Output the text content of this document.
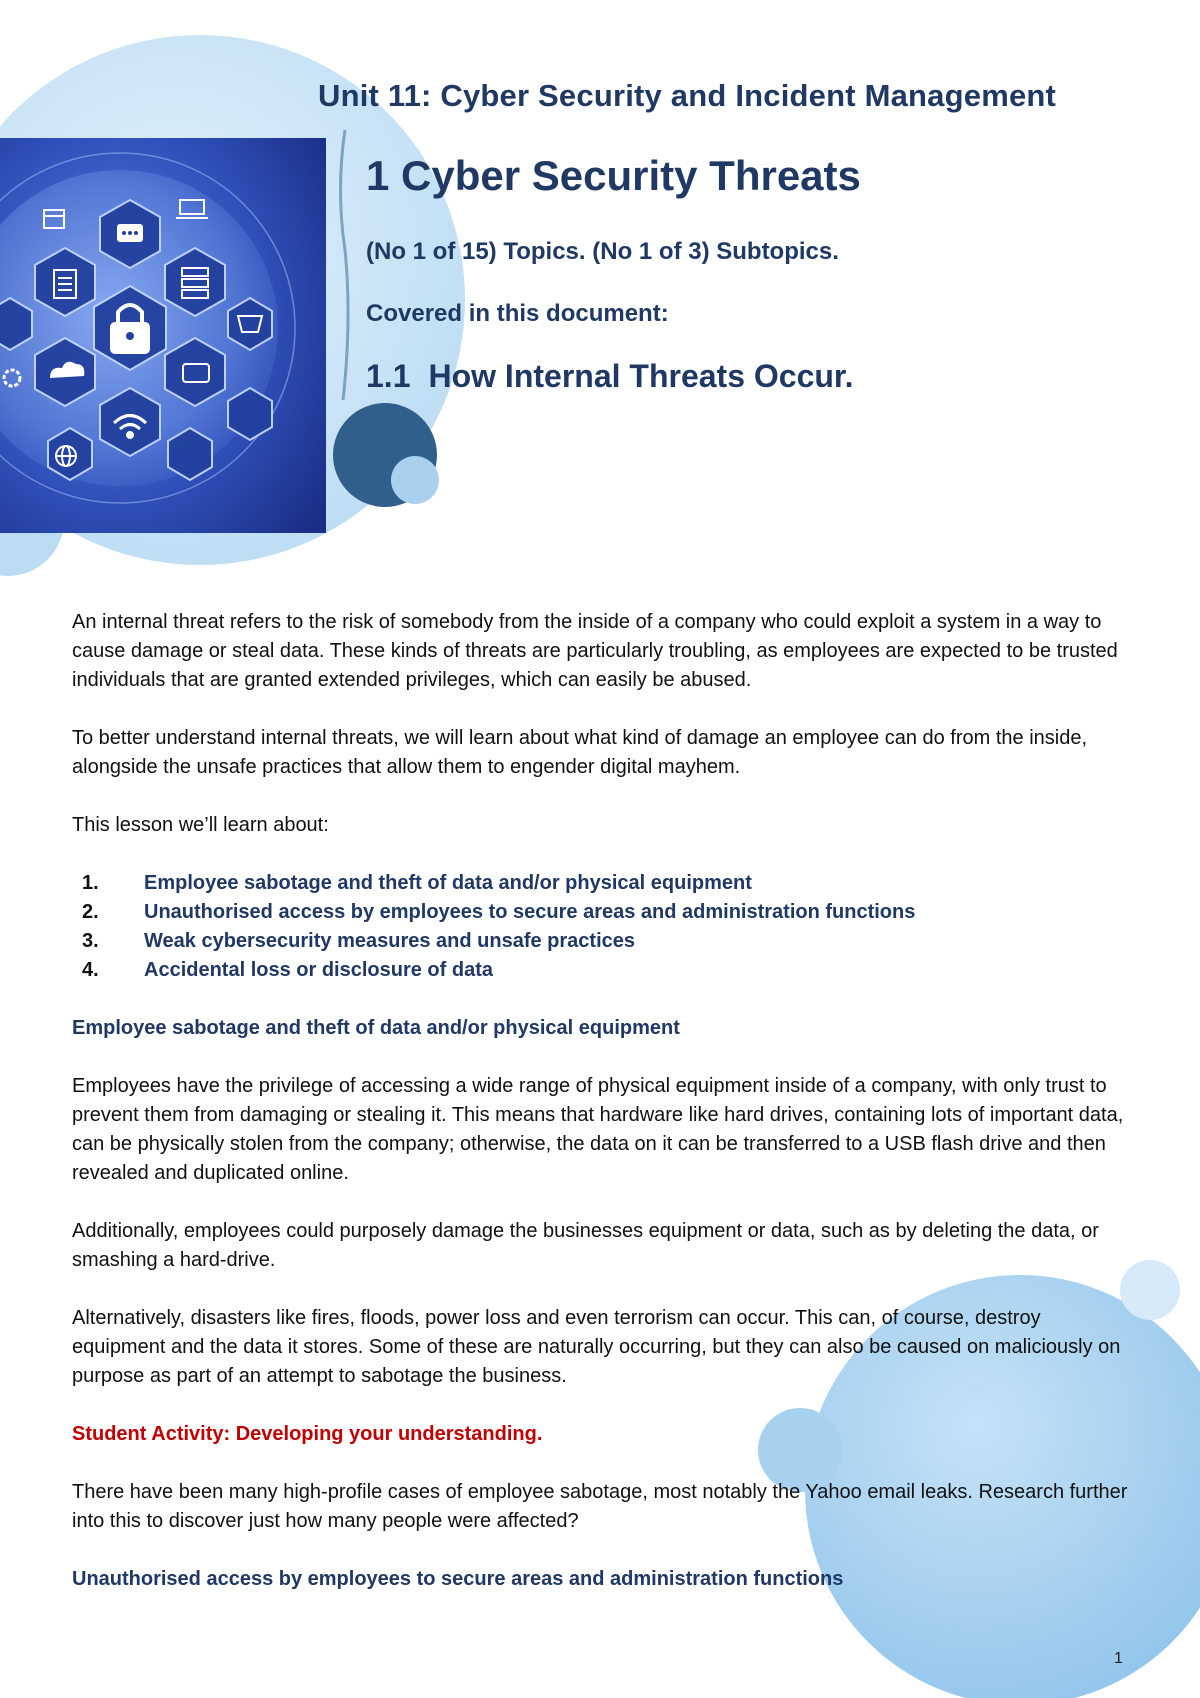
Unit 11: Cyber Security and Incident Management
1 Cyber Security Threats
(No 1 of 15) Topics. (No 1 of 3) Subtopics.
Covered in this document:
1.1 How Internal Threats Occur.

An internal threat refers to the risk of somebody from the inside of a company who could exploit a system in a way to cause damage or steal data. These kinds of threats are particularly troubling, as employees are expected to be trusted individuals that are granted extended privileges, which can easily be abused.

To better understand internal threats, we will learn about what kind of damage an employee can do from the inside, alongside the unsafe practices that allow them to engender digital mayhem.

This lesson we’ll learn about:

1.	Employee sabotage and theft of data and/or physical equipment
2.	Unauthorised access by employees to secure areas and administration functions
3.	Weak cybersecurity measures and unsafe practices
4.	Accidental loss or disclosure of data
Employee sabotage and theft of data and/or physical equipment

Employees have the privilege of accessing a wide range of physical equipment inside of a company, with only trust to prevent them from damaging or stealing it. This means that hardware like hard drives, containing lots of important data, can be physically stolen from the company; otherwise, the data on it can be transferred to a USB flash drive and then revealed and duplicated online.

Additionally, employees could purposely damage the businesses equipment or data, such as by deleting the data, or smashing a hard-drive.

Alternatively, disasters like fires, floods, power loss and even terrorism can occur. This can, of course, destroy equipment and the data it stores. Some of these are naturally occurring, but they can also be caused on maliciously on purpose as part of an attempt to sabotage the business.

Student Activity: Developing your understanding.

There have been many high-profile cases of employee sabotage, most notably the Yahoo email leaks. Research further into this to discover just how many people were affected?

Unauthorised access by employees to secure areas and administration functions
1
